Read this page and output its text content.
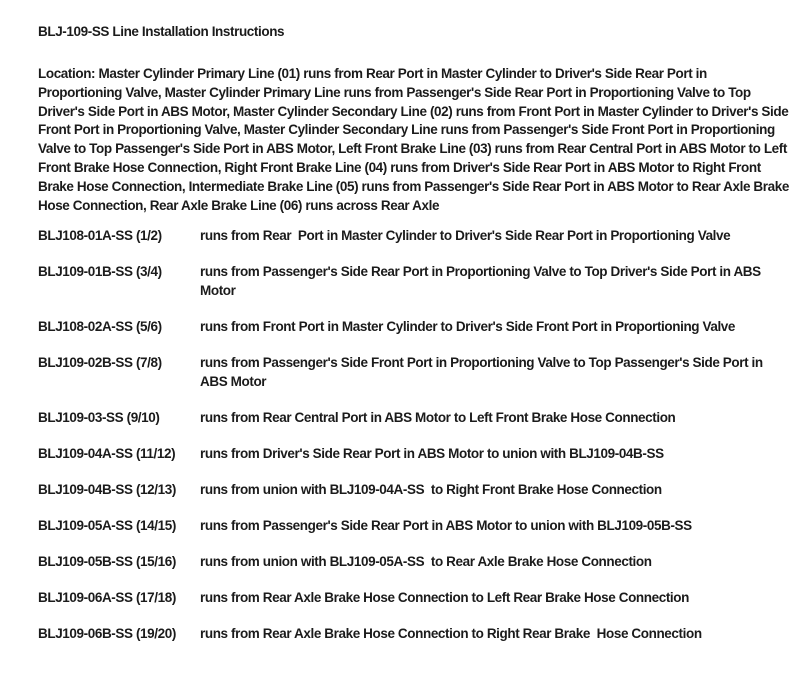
BLJ-109-SS Line Installation Instructions

Location: Master Cylinder Primary Line (01) runs from Rear Port in Master Cylinder to Driver's Side Rear Port in Proportioning Valve, Master Cylinder Primary Line runs from Passenger's Side Rear Port in Proportioning Valve to Top Driver's Side Port in ABS Motor, Master Cylinder Secondary Line (02) runs from Front Port in Master Cylinder to Driver's Side Front Port in Proportioning Valve, Master Cylinder Secondary Line runs from Passenger's Side Front Port in Proportioning Valve to Top Passenger's Side Port in ABS Motor, Left Front Brake Line (03) runs from Rear Central Port in ABS Motor to Left Front Brake Hose Connection, Right Front Brake Line (04) runs from Driver's Side Rear Port in ABS Motor to Right Front Brake Hose Connection, Intermediate Brake Line (05) runs from Passenger's Side Rear Port in ABS Motor to Rear Axle Brake Hose Connection, Rear Axle Brake Line (06) runs across Rear Axle

BLJ108-01A-SS (1/2)	runs from Rear  Port in Master Cylinder to Driver's Side Rear Port in Proportioning Valve
BLJ109-01B-SS (3/4)	runs from Passenger's Side Rear Port in Proportioning Valve to Top Driver's Side Port in ABS Motor
BLJ108-02A-SS (5/6)	runs from Front Port in Master Cylinder to Driver's Side Front Port in Proportioning Valve
BLJ109-02B-SS (7/8)	runs from Passenger's Side Front Port in Proportioning Valve to Top Passenger's Side Port in ABS Motor
BLJ109-03-SS (9/10)	runs from Rear Central Port in ABS Motor to Left Front Brake Hose Connection
BLJ109-04A-SS (11/12)	runs from Driver's Side Rear Port in ABS Motor to union with BLJ109-04B-SS
BLJ109-04B-SS (12/13)	runs from union with BLJ109-04A-SS  to Right Front Brake Hose Connection
BLJ109-05A-SS (14/15)	runs from Passenger's Side Rear Port in ABS Motor to union with BLJ109-05B-SS
BLJ109-05B-SS (15/16)	runs from union with BLJ109-05A-SS  to Rear Axle Brake Hose Connection
BLJ109-06A-SS (17/18)	runs from Rear Axle Brake Hose Connection to Left Rear Brake Hose Connection
BLJ109-06B-SS (19/20)	runs from Rear Axle Brake Hose Connection to Right Rear Brake  Hose Connection
